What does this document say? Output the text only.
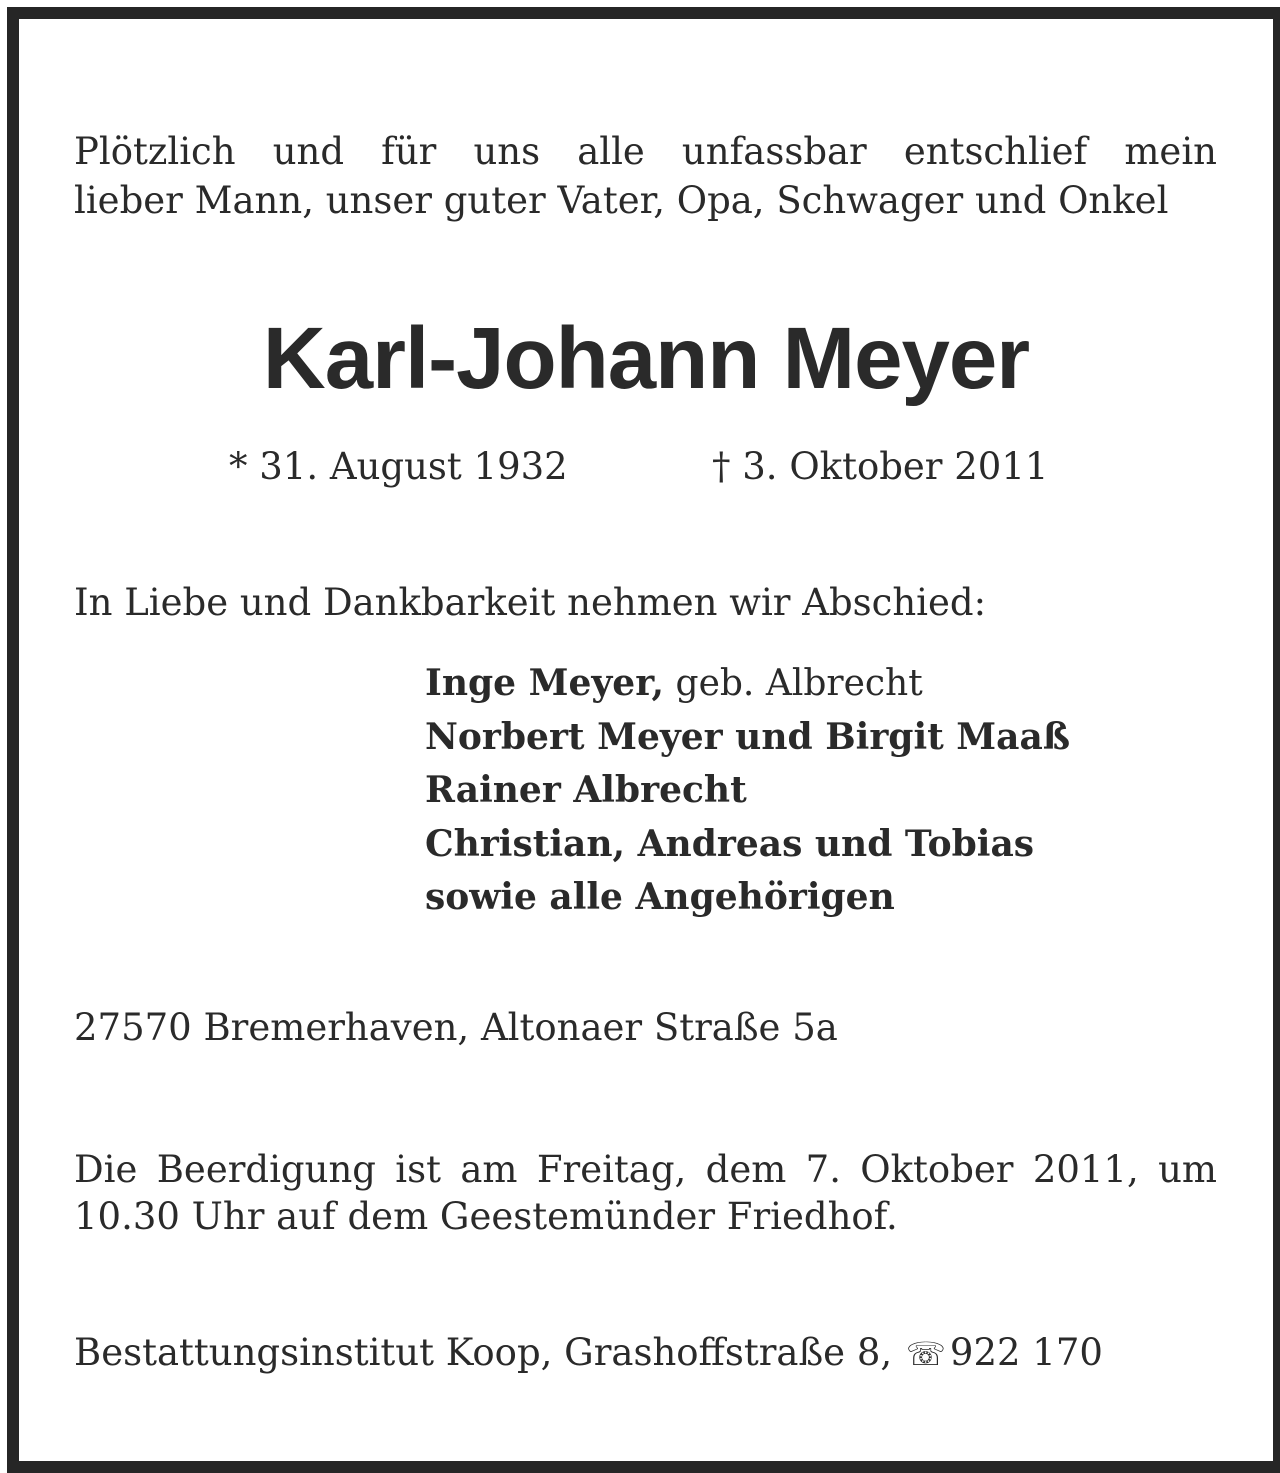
Plötzlich und für uns alle unfassbar entschlief mein
lieber Mann, unser guter Vater, Opa, Schwager und Onkel
Karl-Johann Meyer
* 31. August 1932	† 3. Oktober 2011
In Liebe und Dankbarkeit nehmen wir Abschied:
Inge Meyer, geb. Albrecht
Norbert Meyer und Birgit Maaß
Rainer Albrecht
Christian, Andreas und Tobias
sowie alle Angehörigen
27570 Bremerhaven, Altonaer Straße 5a
Die Beerdigung ist am Freitag, dem 7. Oktober 2011, um
10.30 Uhr auf dem Geestemünder Friedhof.
Bestattungsinstitut Koop, Grashoffstraße 8, ☏ 922 170
